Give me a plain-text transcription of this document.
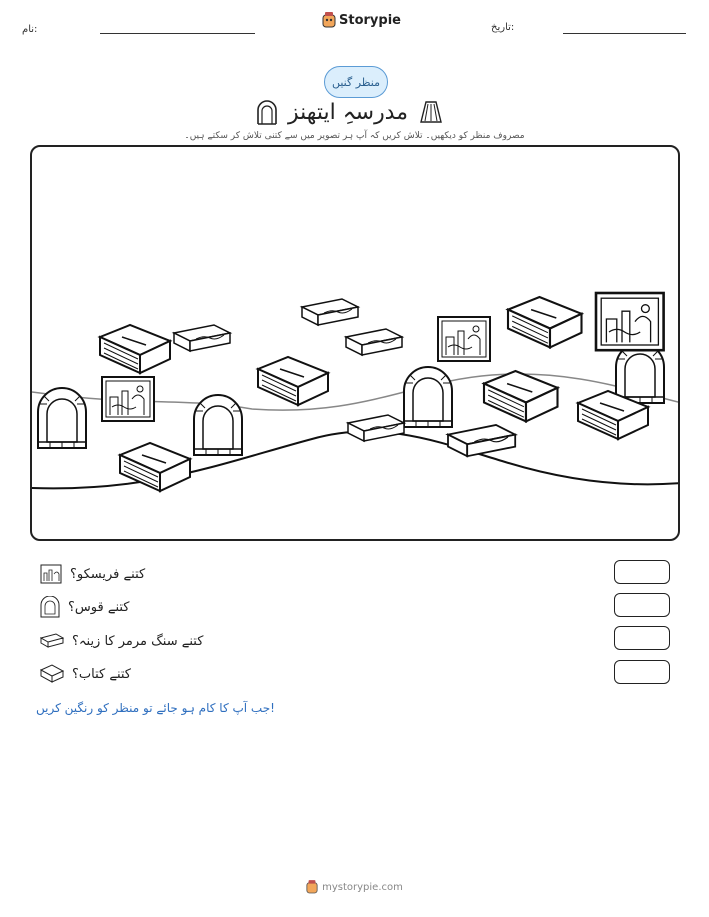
نام:
Storypie	تاریخ:
منظر گنیں
مدرسہِ ایتھنز
مصروف منظر کو دیکھیں۔ تلاش کریں کہ آپ ہر تصویر میں سے کتنی تلاش کر سکتے ہیں۔
کتنے فریسکو؟
کتنے قوس؟
کتنے سنگ مرمر کا زینہ؟
کتنے کتاب؟
جب آپ کا کام ہو جائے تو منظر کو رنگین کریں!
mystorypie.com
